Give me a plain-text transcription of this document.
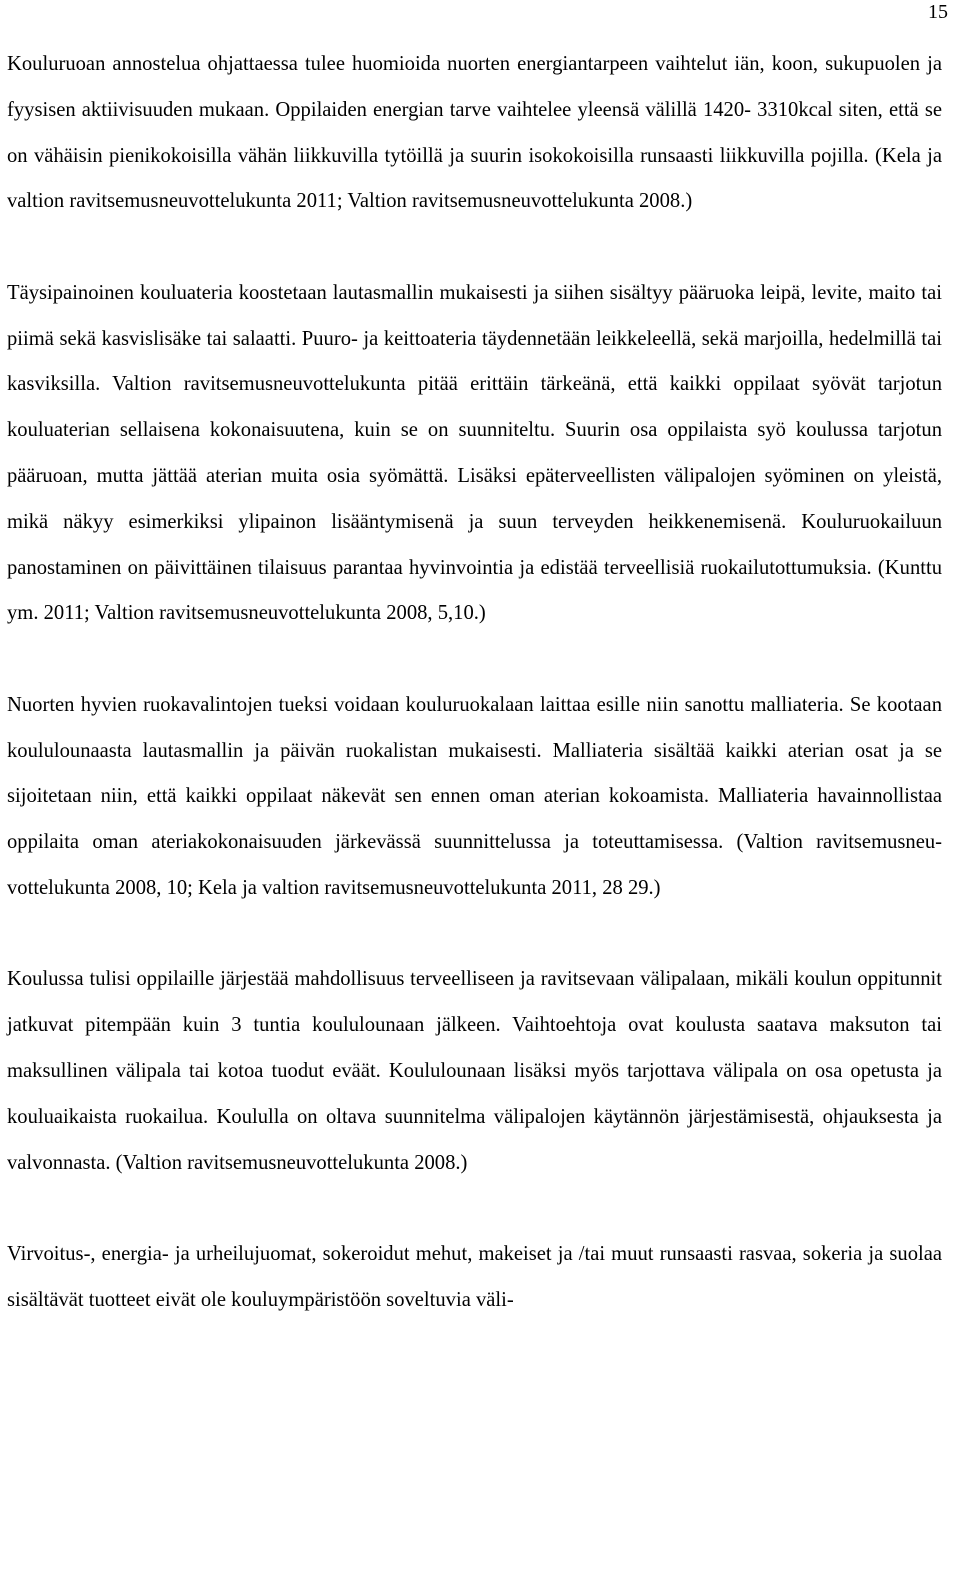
15

Kouluruoan annostelua ohjattaessa tulee huomioida nuorten energiantarpeen vaihtelut iän, koon, sukupuolen ja fyysisen aktiivisuuden mukaan. Oppilaiden energian tarve vaihtelee yleensä välillä 1420- 3310kcal siten, että se on vähäisin pienikokoisilla vähän liikkuvilla tytöillä ja suurin isokokoisilla runsaasti liikkuvilla pojilla. (Kela ja valtion ravitsemusneuvottelukunta 2011; Valtion ravitsemusneuvottelukunta 2008.)

Täysipainoinen kouluateria koostetaan lautasmallin mukaisesti ja siihen sisältyy pääruoka leipä, levite, maito tai piimä sekä kasvislisäke tai salaatti. Puuro- ja keittoateria täydennetään leikkeleellä, sekä marjoilla, hedelmillä tai kasviksilla. Valtion ravitsemusneuvottelukunta pitää erittäin tärkeänä, että kaikki oppilaat syövät tarjotun kouluaterian sellaisena kokonaisuutena, kuin se on suunniteltu. Suurin osa oppilaista syö koulussa tarjotun pääruoan, mutta jättää aterian muita osia syömättä. Lisäksi epäterveellisten välipalojen syöminen on yleistä, mikä näkyy esimerkiksi ylipainon lisääntymisenä ja suun terveyden heikkenemisenä. Kouluruokailuun panostaminen on päivittäinen tilaisuus parantaa hyvinvointia ja edistää terveellisiä ruokailutottumuksia. (Kunttu ym. 2011; Valtion ravitsemusneuvottelukunta 2008, 5,10.)

Nuorten hyvien ruokavalintojen tueksi voidaan kouluruokalaan laittaa esille niin sanottu malliateria. Se kootaan koululounaasta lautasmallin ja päivän ruokalistan mukaisesti. Malliateria sisältää kaikki aterian osat ja se sijoitetaan niin, että kaikki oppilaat näkevät sen ennen oman aterian kokoamista. Malliateria havainnollistaa oppilaita oman ateriakokonaisuuden järkevässä suunnittelussa ja toteuttamisessa. (Valtion ravitsemusneuvottelukunta 2008, 10; Kela ja valtion ravitsemusneuvottelukunta 2011, 28 29.)

Koulussa tulisi oppilaille järjestää mahdollisuus terveelliseen ja ravitsevaan välipalaan, mikäli koulun oppitunnit jatkuvat pitempään kuin 3 tuntia koululounaan jälkeen. Vaihtoehtoja ovat koulusta saatava maksuton tai maksullinen välipala tai kotoa tuodut eväät. Koululounaan lisäksi myös tarjottava välipala on osa opetusta ja kouluaikaista ruokailua. Koululla on oltava suunnitelma välipalojen käytännön järjestämisestä, ohjauksesta ja valvonnasta. (Valtion ravitsemusneuvottelukunta 2008.)

Virvoitus-, energia- ja urheilujuomat, sokeroidut mehut, makeiset ja /tai muut runsaasti rasvaa, sokeria ja suolaa sisältävät tuotteet eivät ole kouluympäristöön soveltuvia väli-
